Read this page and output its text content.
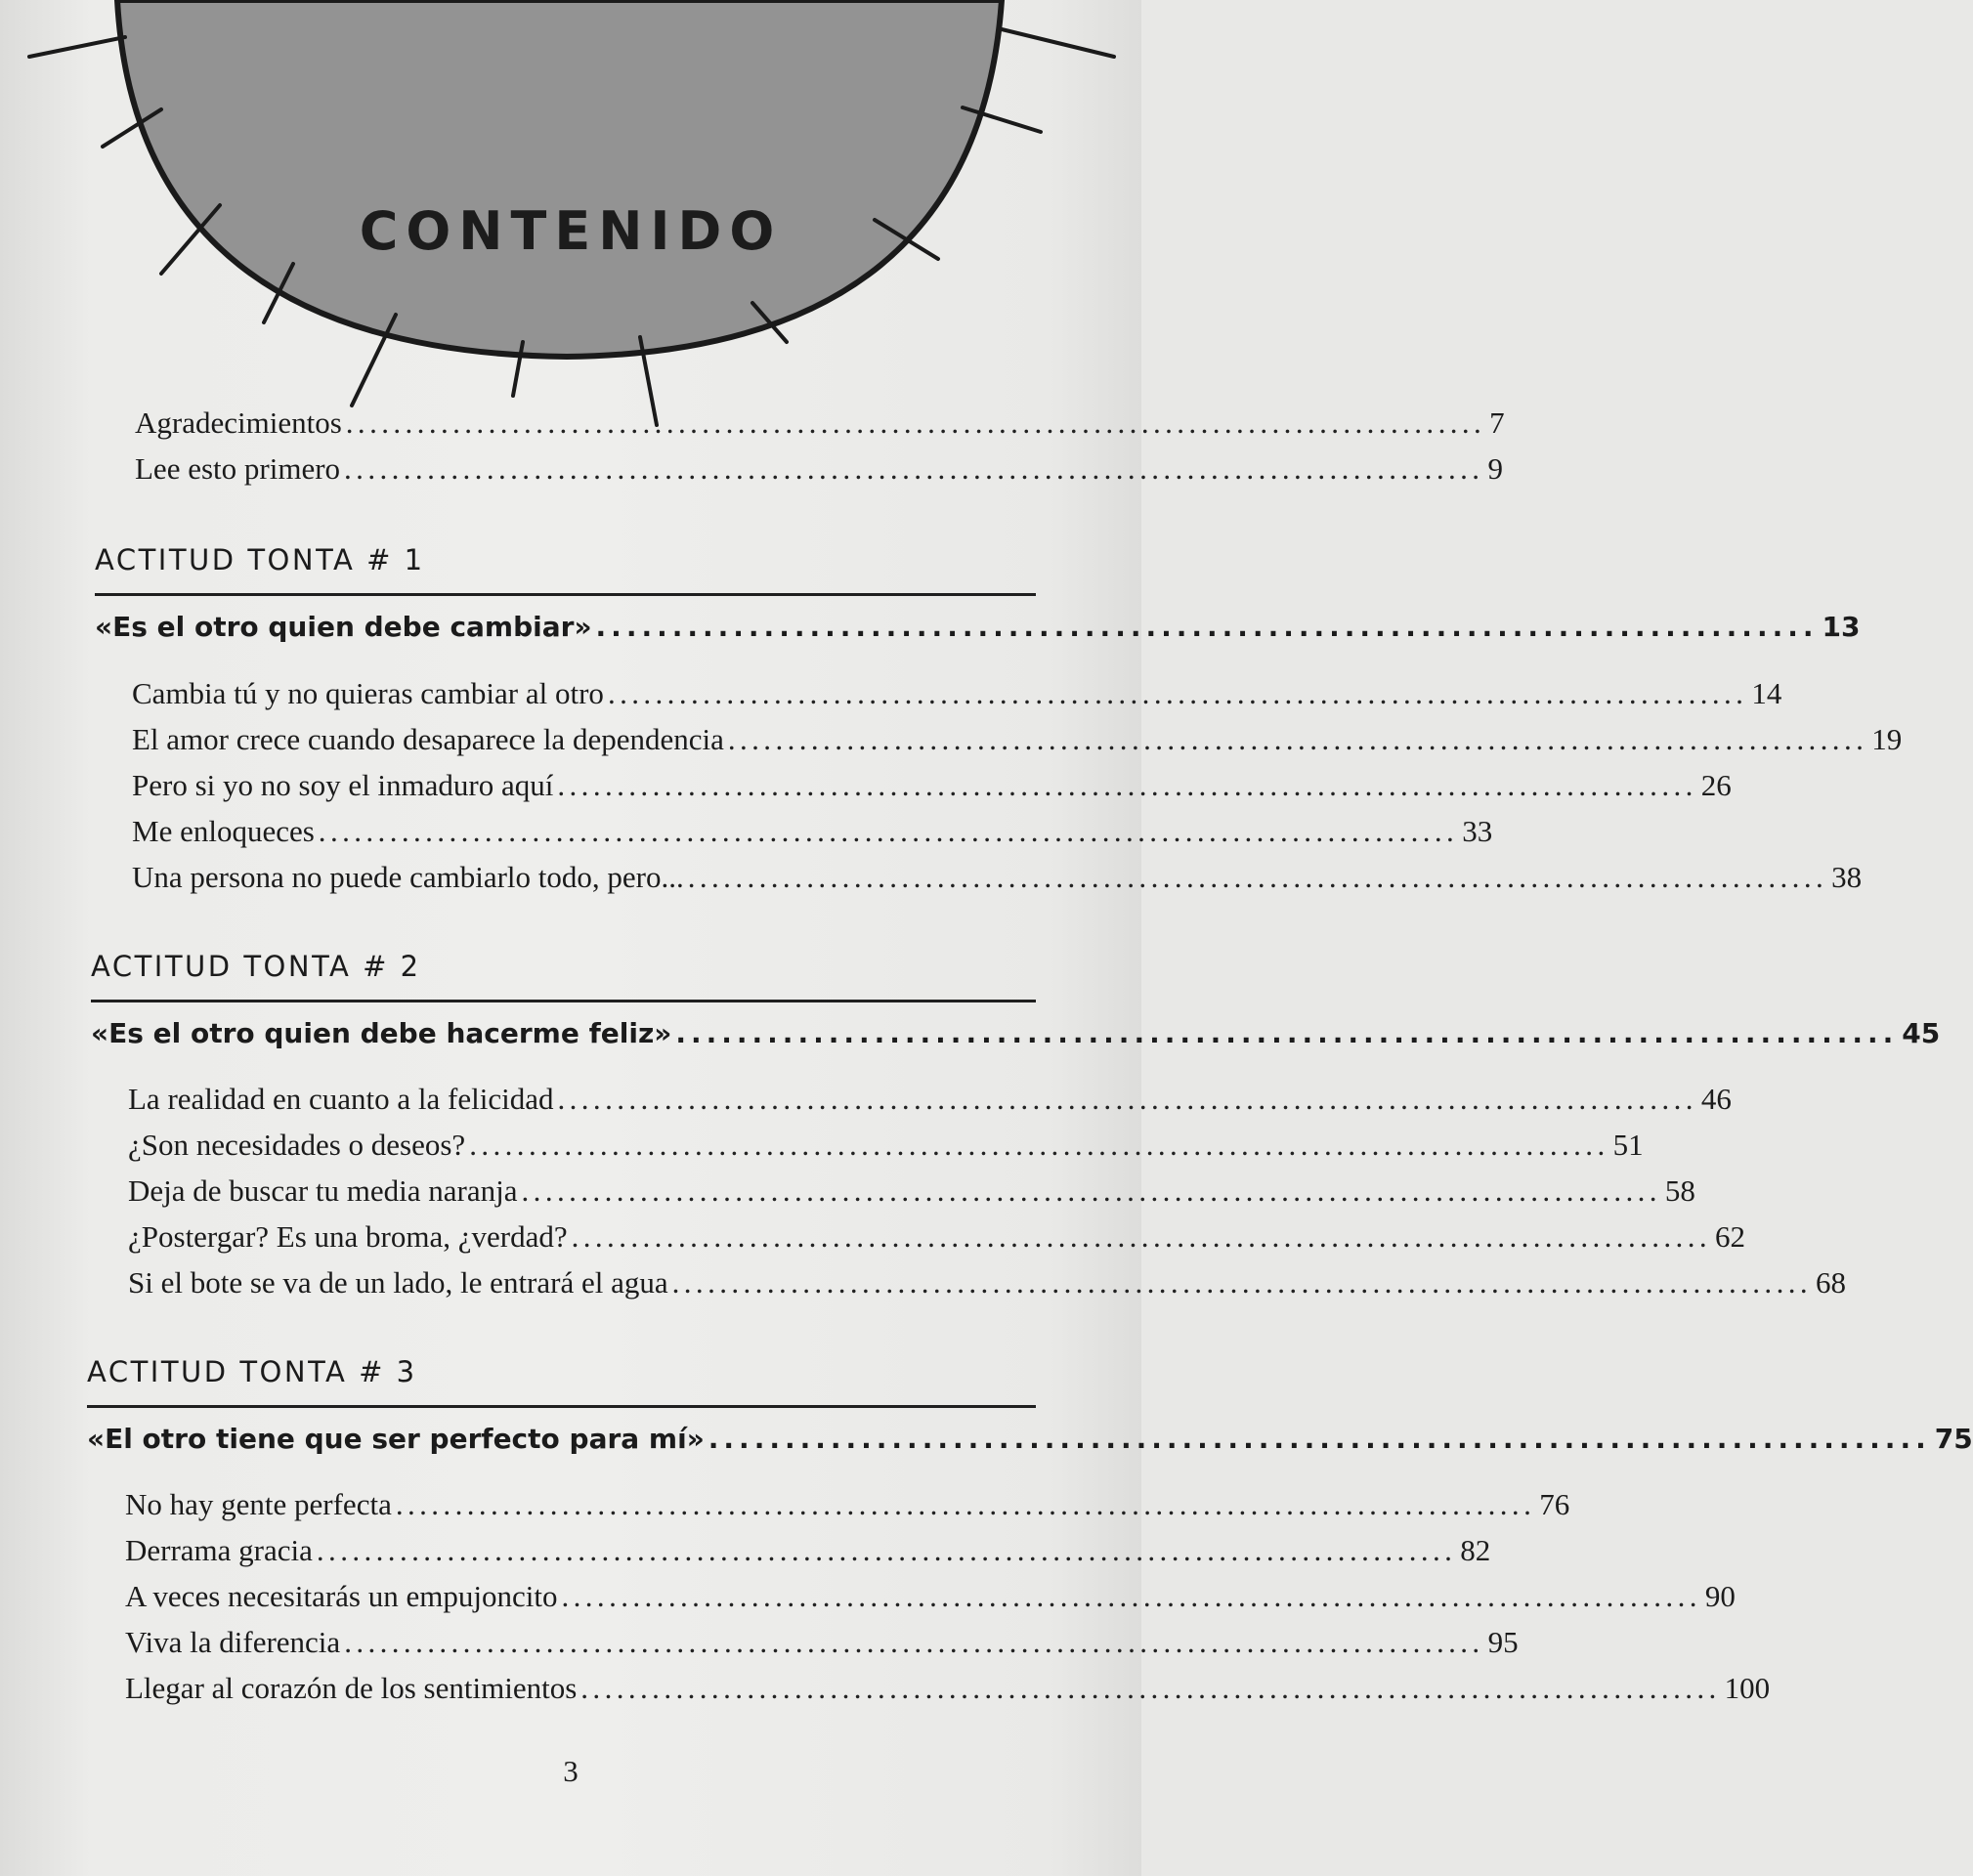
CONTENIDO
Agradecimientos ................................................................................................ 7
Lee esto primero ................................................................................................ 9
ACTITUD TONTA # 1
«Es el otro quien debe cambiar» ................................................................................ 13
Cambia tú y no quieras cambiar al otro ................................................................................................ 14
El amor crece cuando desaparece la dependencia ................................................................................................ 19
Pero si yo no soy el inmaduro aquí ................................................................................................ 26
Me enloqueces ................................................................................................ 33
Una persona no puede cambiarlo todo, pero... ................................................................................................ 38
ACTITUD TONTA # 2
«Es el otro quien debe hacerme feliz» ................................................................................ 45
La realidad en cuanto a la felicidad ................................................................................................ 46
¿Son necesidades o deseos? ................................................................................................ 51
Deja de buscar tu media naranja ................................................................................................ 58
¿Postergar? Es una broma, ¿verdad? ................................................................................................ 62
Si el bote se va de un lado, le entrará el agua ................................................................................................ 68
ACTITUD TONTA # 3
«El otro tiene que ser perfecto para mí» ................................................................................ 75
No hay gente perfecta ................................................................................................ 76
Derrama gracia ................................................................................................ 82
A veces necesitarás un empujoncito ................................................................................................ 90
Viva la diferencia ................................................................................................ 95
Llegar al corazón de los sentimientos ................................................................................................ 100
3
